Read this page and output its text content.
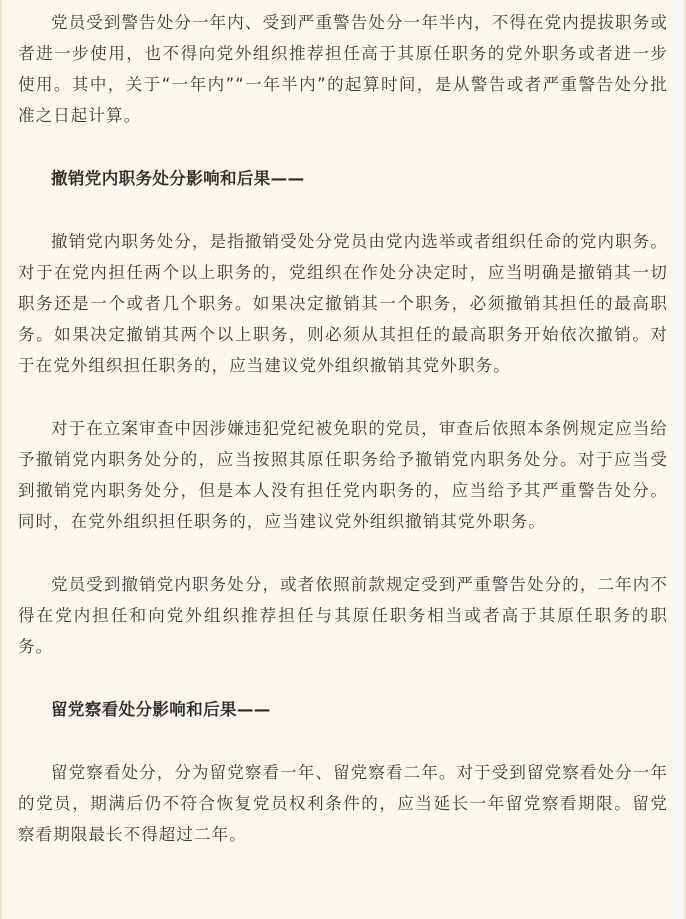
党员受到警告处分一年内、受到严重警告处分一年半内，不得在党内提拔职务或者进一步使用，也不得向党外组织推荐担任高于其原任职务的党外职务或者进一步使用。其中，关于“一年内”“一年半内”的起算时间，是从警告或者严重警告处分批准之日起计算。

撤销党内职务处分影响和后果——

撤销党内职务处分，是指撤销受处分党员由党内选举或者组织任命的党内职务。对于在党内担任两个以上职务的，党组织在作处分决定时，应当明确是撤销其一切职务还是一个或者几个职务。如果决定撤销其一个职务，必须撤销其担任的最高职务。如果决定撤销其两个以上职务，则必须从其担任的最高职务开始依次撤销。对于在党外组织担任职务的，应当建议党外组织撤销其党外职务。

对于在立案审查中因涉嫌违犯党纪被免职的党员，审查后依照本条例规定应当给予撤销党内职务处分的，应当按照其原任职务给予撤销党内职务处分。对于应当受到撤销党内职务处分，但是本人没有担任党内职务的，应当给予其严重警告处分。同时，在党外组织担任职务的，应当建议党外组织撤销其党外职务。

党员受到撤销党内职务处分，或者依照前款规定受到严重警告处分的，二年内不得在党内担任和向党外组织推荐担任与其原任职务相当或者高于其原任职务的职务。

留党察看处分影响和后果——

留党察看处分，分为留党察看一年、留党察看二年。对于受到留党察看处分一年的党员，期满后仍不符合恢复党员权利条件的，应当延长一年留党察看期限。留党察看期限最长不得超过二年。
